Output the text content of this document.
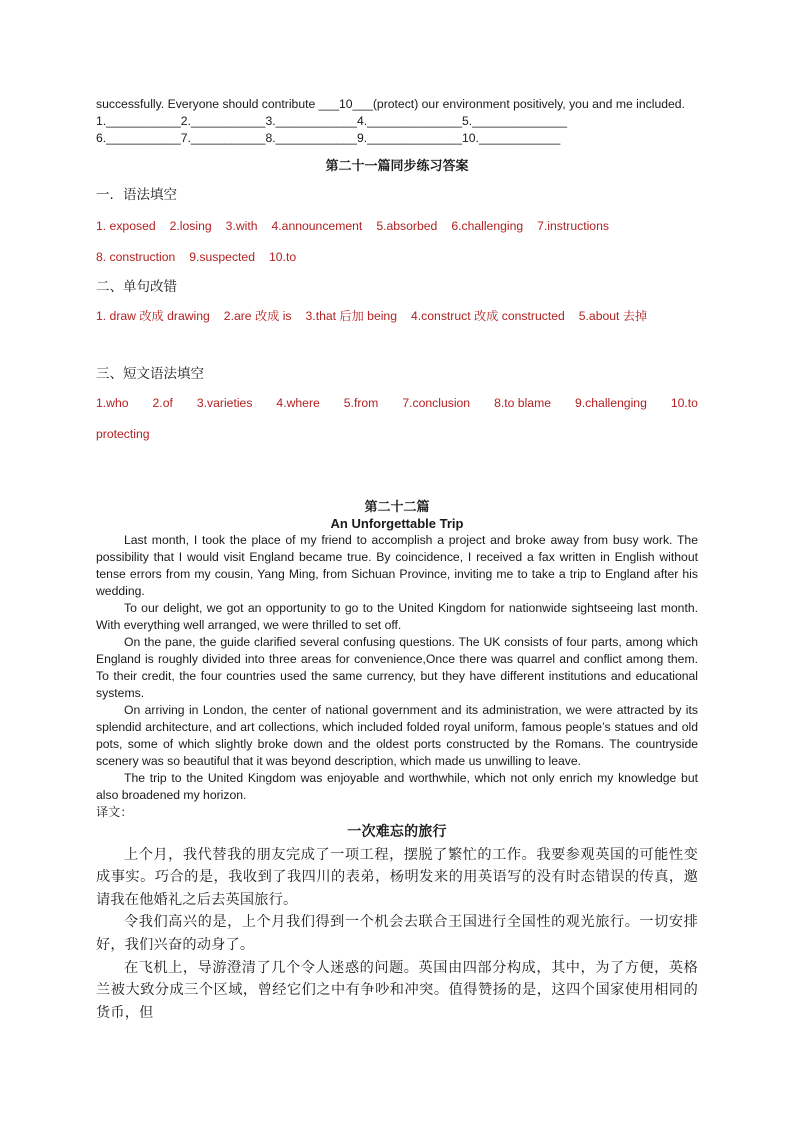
successfully. Everyone should contribute ___10___(protect) our environment positively, you and me included.
1.___________2.___________3.____________4.______________5.______________
6.___________7.___________8.____________9.______________10.____________
第二十一篇同步练习答案
一．语法填空
1. exposed 2.losing 3.with 4.announcement 5.absorbed 6.challenging 7.instructions
8. construction 9.suspected 10.to
二、单句改错
1. draw 改成 drawing 2.are 改成 is 3.that 后加 being 4.construct 改成 constructed 5.about 去掉
三、短文语法填空
1.who 2.of 3.varieties 4.where 5.from 7.conclusion 8.to blame 9.challenging 10.to
protecting
第二十二篇
An Unforgettable Trip
Last month, I took the place of my friend to accomplish a project and broke away from busy work. The possibility that I would visit England became true. By coincidence, I received a fax written in English without tense errors from my cousin, Yang Ming, from Sichuan Province, inviting me to take a trip to England after his wedding.
To our delight, we got an opportunity to go to the United Kingdom for nationwide sightseeing last month. With everything well arranged, we were thrilled to set off.
On the pane, the guide clarified several confusing questions. The UK consists of four parts, among which England is roughly divided into three areas for convenience,Once there was quarrel and conflict among them. To their credit, the four countries used the same currency, but they have different institutions and educational systems.
On arriving in London, the center of national government and its administration, we were attracted by its splendid architecture, and art collections, which included folded royal uniform, famous people’s statues and old pots, some of which slightly broke down and the oldest ports constructed by the Romans. The countryside scenery was so beautiful that it was beyond description, which made us unwilling to leave.
The trip to the United Kingdom was enjoyable and worthwhile, which not only enrich my knowledge but also broadened my horizon.
译文：
一次难忘的旅行
上个月，我代替我的朋友完成了一项工程，摆脱了繁忙的工作。我要参观英国的可能性变成事实。巧合的是，我收到了我四川的表弟，杨明发来的用英语写的没有时态错误的传真，邀请我在他婚礼之后去英国旅行。
令我们高兴的是，上个月我们得到一个机会去联合王国进行全国性的观光旅行。一切安排好，我们兴奋的动身了。
在飞机上，导游澄清了几个令人迷惑的问题。英国由四部分构成，其中，为了方便，英格兰被大致分成三个区域，曾经它们之中有争吵和冲突。值得赞扬的是，这四个国家使用相同的货币，但
